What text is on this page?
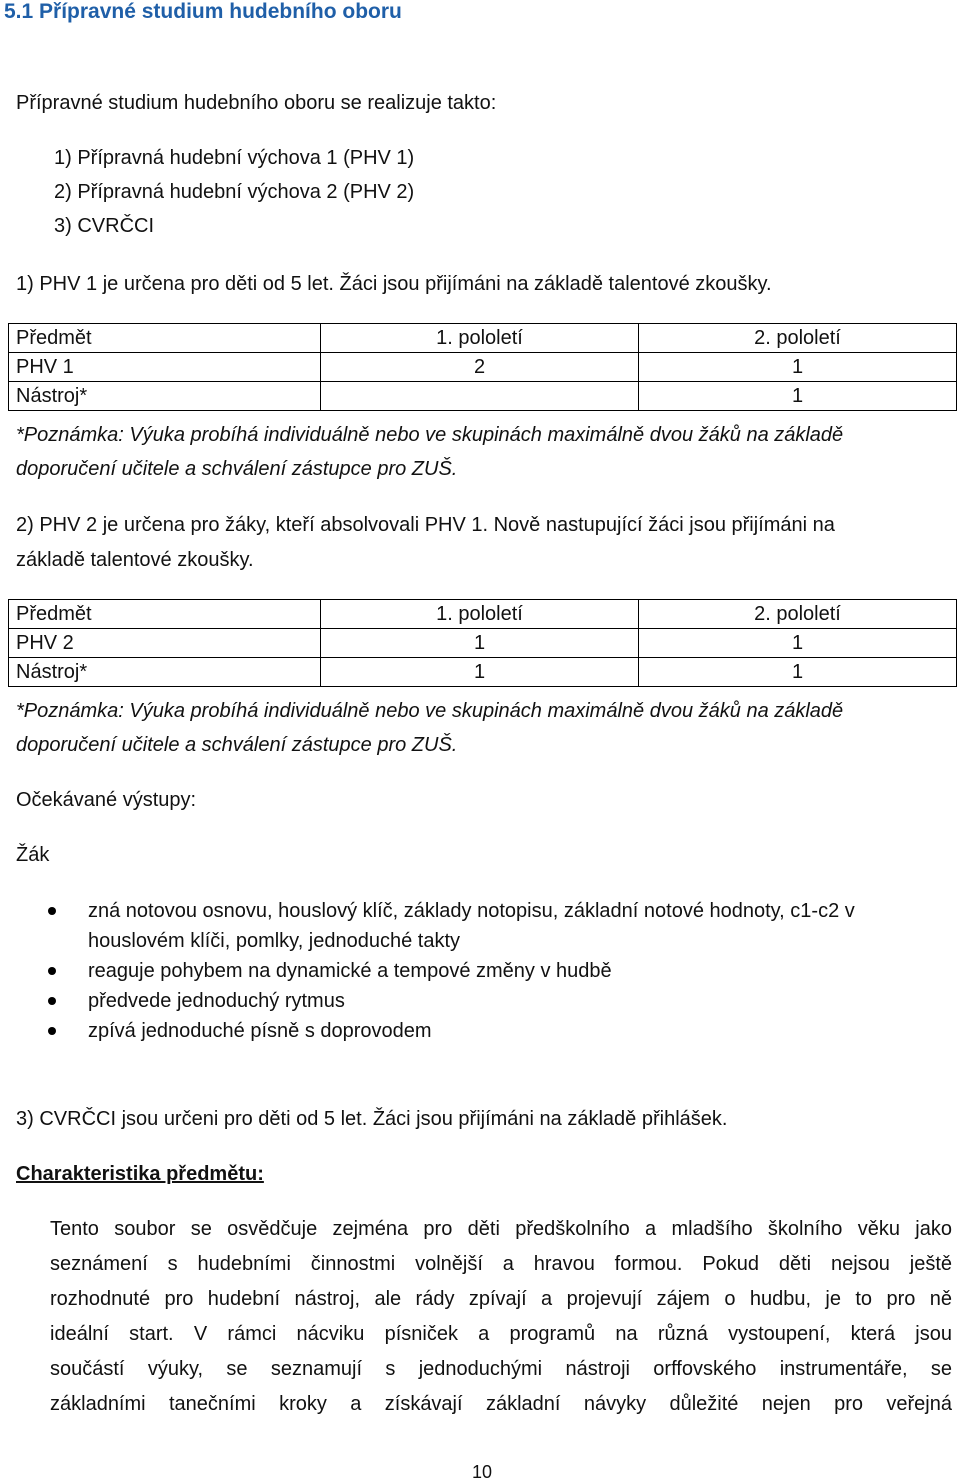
5.1 Přípravné studium hudebního oboru
Přípravné studium hudebního oboru se realizuje takto:
1) Přípravná hudební výchova 1 (PHV 1)
2) Přípravná hudební výchova 2 (PHV 2)
3) CVRČCI
1) PHV 1 je určena pro děti od 5 let. Žáci jsou přijímáni na základě talentové zkoušky.
Předmět	1. pololetí	2. pololetí
PHV 1	2	1
Nástroj*		1
*Poznámka: Výuka probíhá individuálně nebo ve skupinách maximálně dvou žáků na základě
doporučení učitele a schválení zástupce pro ZUŠ.
2) PHV 2 je určena pro žáky, kteří absolvovali PHV 1. Nově nastupující žáci jsou přijímáni na
základě talentové zkoušky.
Předmět	1. pololetí	2. pololetí
PHV 2	1	1
Nástroj*	1	1
*Poznámka: Výuka probíhá individuálně nebo ve skupinách maximálně dvou žáků na základě
doporučení učitele a schválení zástupce pro ZUŠ.
Očekávané výstupy:
Žák
zná notovou osnovu, houslový klíč, základy notopisu, základní notové hodnoty, c1-c2 v houslovém klíči, pomlky, jednoduché takty
reaguje pohybem na dynamické a tempové změny v hudbě
předvede jednoduchý rytmus
zpívá jednoduché písně s doprovodem
3) CVRČCI jsou určeni pro děti od 5 let. Žáci jsou přijímáni na základě přihlášek.
Charakteristika předmětu:
Tento soubor se osvědčuje zejména pro děti předškolního a mladšího školního věku jako
seznámení s hudebními činnostmi volnější a hravou formou. Pokud děti nejsou ještě
rozhodnuté pro hudební nástroj, ale rády zpívají a projevují zájem o hudbu, je to pro ně
ideální start. V rámci nácviku písniček a programů na různá vystoupení, která jsou
součástí výuky, se seznamují s jednoduchými nástroji orffovského instrumentáře, se
základními tanečními kroky a získávají základní návyky důležité nejen pro veřejná
10
